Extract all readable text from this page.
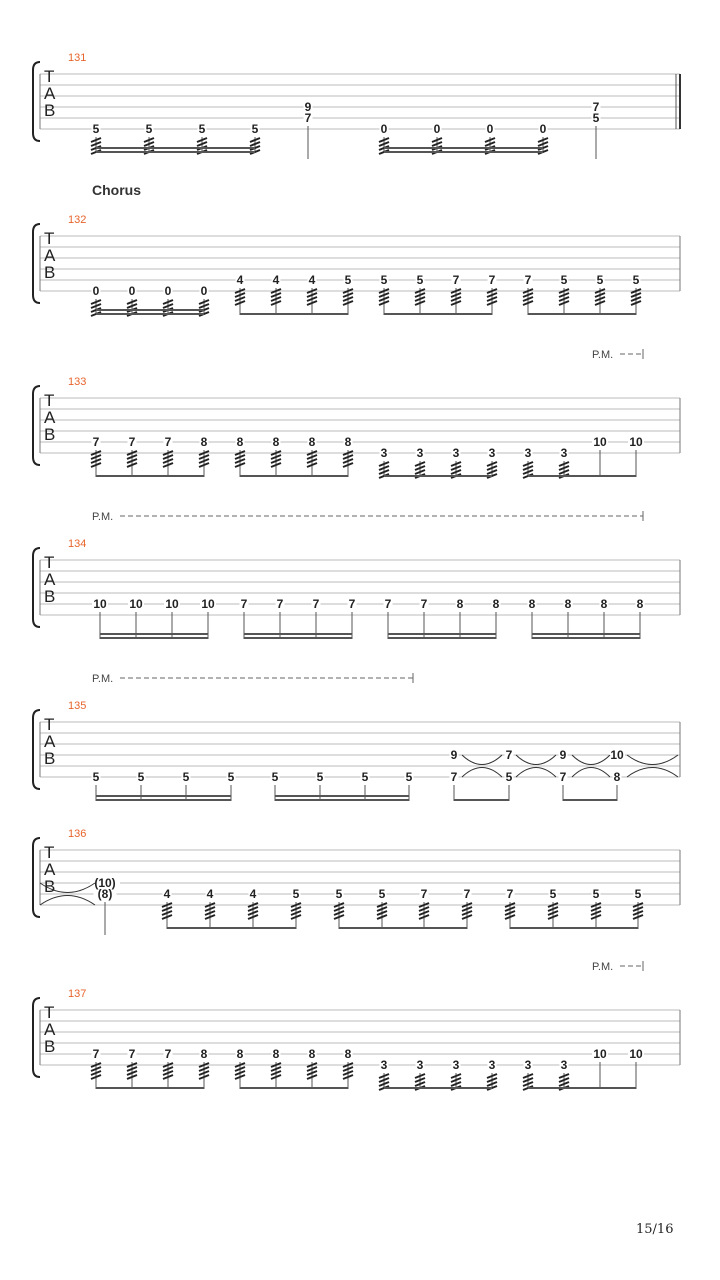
131
T
A
B
5	5	5	5
9
7
0	0	0	0
7
5
132
T
A
B
0 0 0 0
4 4 4 5 5 5 7 7 7 5 5 5
133
T
A
B
P.M.
7 7 7 8 8 8 8 8
3 3 3 3 3 3
10 10
134
T
A
B
P.M.
10 10 10 10 7 7 7 7 7 7 8 8 8 8 8 8
135
T
A
B
P.M.
5	5	5	5	5	5	5	5
9
7
7
5
9
7
10
8
136
T
A
B	(10)
(8)	4	4	4	5	5	5	7	7	7	5	5	5
137
T
A
B
P.M.
7 7 7 8 8 8 8 8
3 3 3 3 3 3
10 10
Chorus
15/16
